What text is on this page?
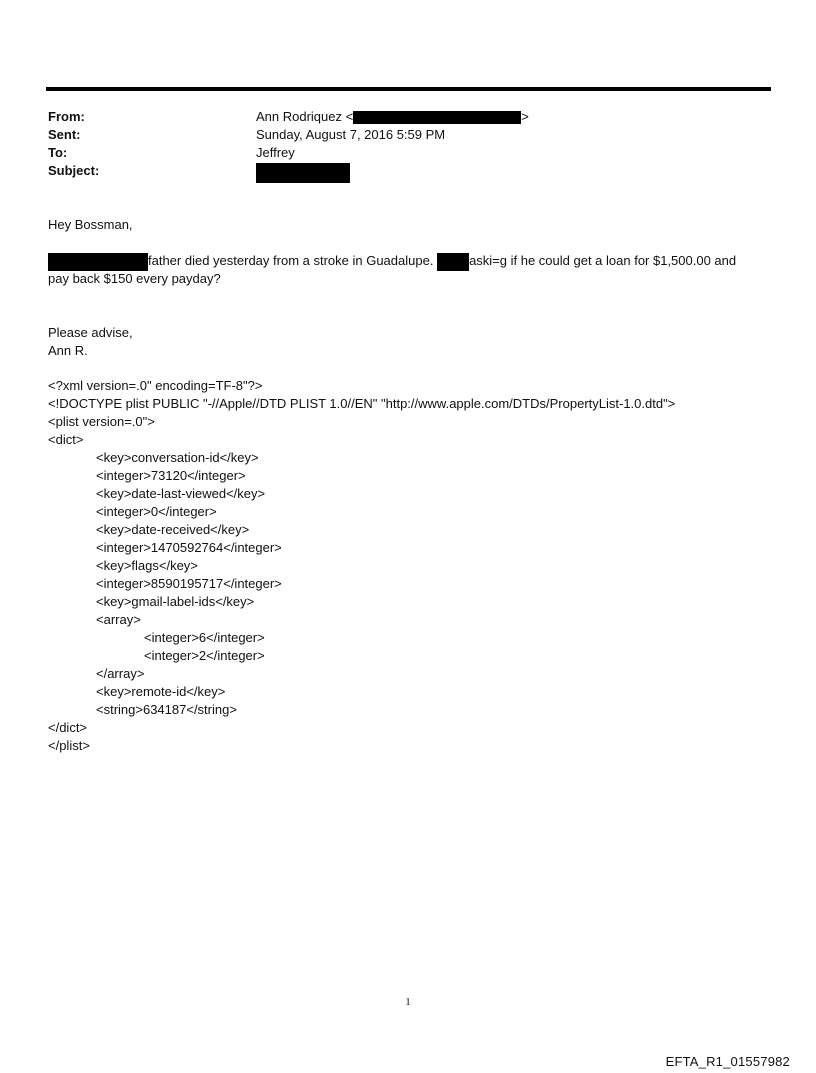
From:	Ann Rodriquez <	>
Sent:	Sunday, August 7, 2016 5:59 PM
To:	Jeffrey
Subject:
Hey Bossman,
father died yesterday from a stroke in Guadalupe.	aski=g if he could get a loan for $1,500.00 and
pay back $150 every payday?
Please advise,
Ann R.
<?xml version=.0" encoding=TF-8"?>
<!DOCTYPE plist PUBLIC "-//Apple//DTD PLIST 1.0//EN" "http://www.apple.com/DTDs/PropertyList-1.0.dtd">
<plist version=.0">
<dict>
<key>conversation-id</key>
<integer>73120</integer>
<key>date-last-viewed</key>
<integer>0</integer>
<key>date-received</key>
<integer>1470592764</integer>
<key>flags</key>
<integer>8590195717</integer>
<key>gmail-label-ids</key>
<array>
<integer>6</integer>
<integer>2</integer>
</array>
<key>remote-id</key>
<string>634187</string>
</dict>
</plist>
1
EFTA_R1_01557982
